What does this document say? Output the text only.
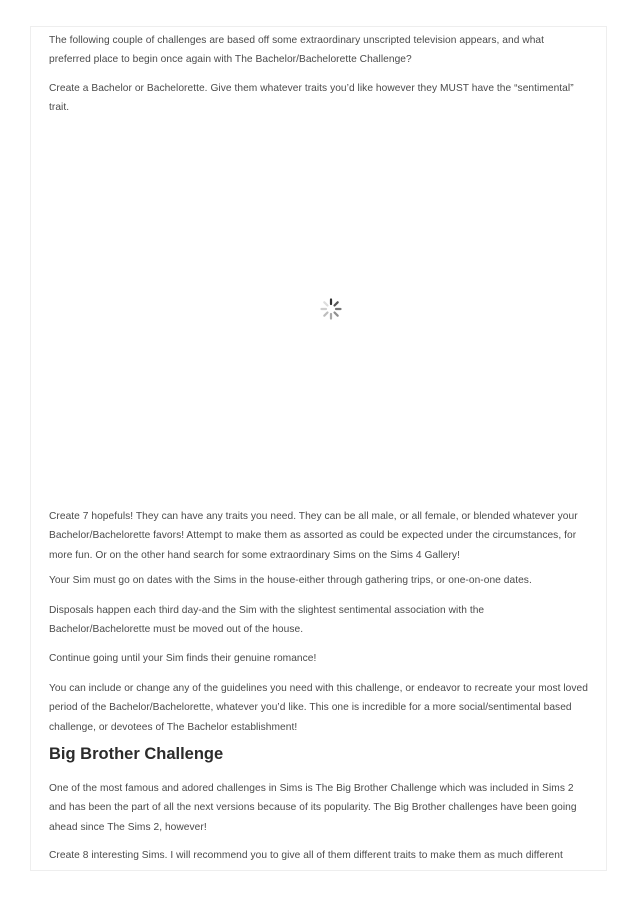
The following couple of challenges are based off some extraordinary unscripted television appears, and what preferred place to begin once again with The Bachelor/Bachelorette Challenge?

Create a Bachelor or Bachelorette. Give them whatever traits you’d like however they MUST have the “sentimental” trait.

Create 7 hopefuls! They can have any traits you need. They can be all male, or all female, or blended whatever your Bachelor/Bachelorette favors! Attempt to make them as assorted as could be expected under the circumstances, for more fun. Or on the other hand search for some extraordinary Sims on the Sims 4 Gallery!

Your Sim must go on dates with the Sims in the house-either through gathering trips, or one-on-one dates.

Disposals happen each third day-and the Sim with the slightest sentimental association with the Bachelor/Bachelorette must be moved out of the house.

Continue going until your Sim finds their genuine romance!

You can include or change any of the guidelines you need with this challenge, or endeavor to recreate your most loved period of the Bachelor/Bachelorette, whatever you’d like. This one is incredible for a more social/sentimental based challenge, or devotees of The Bachelor establishment!

Big Brother Challenge

One of the most famous and adored challenges in Sims is The Big Brother Challenge which was included in Sims 2 and has been the part of all the next versions because of its popularity. The Big Brother challenges have been going ahead since The Sims 2, however!

Create 8 interesting Sims. I will recommend you to give all of them different traits to make them as much different
